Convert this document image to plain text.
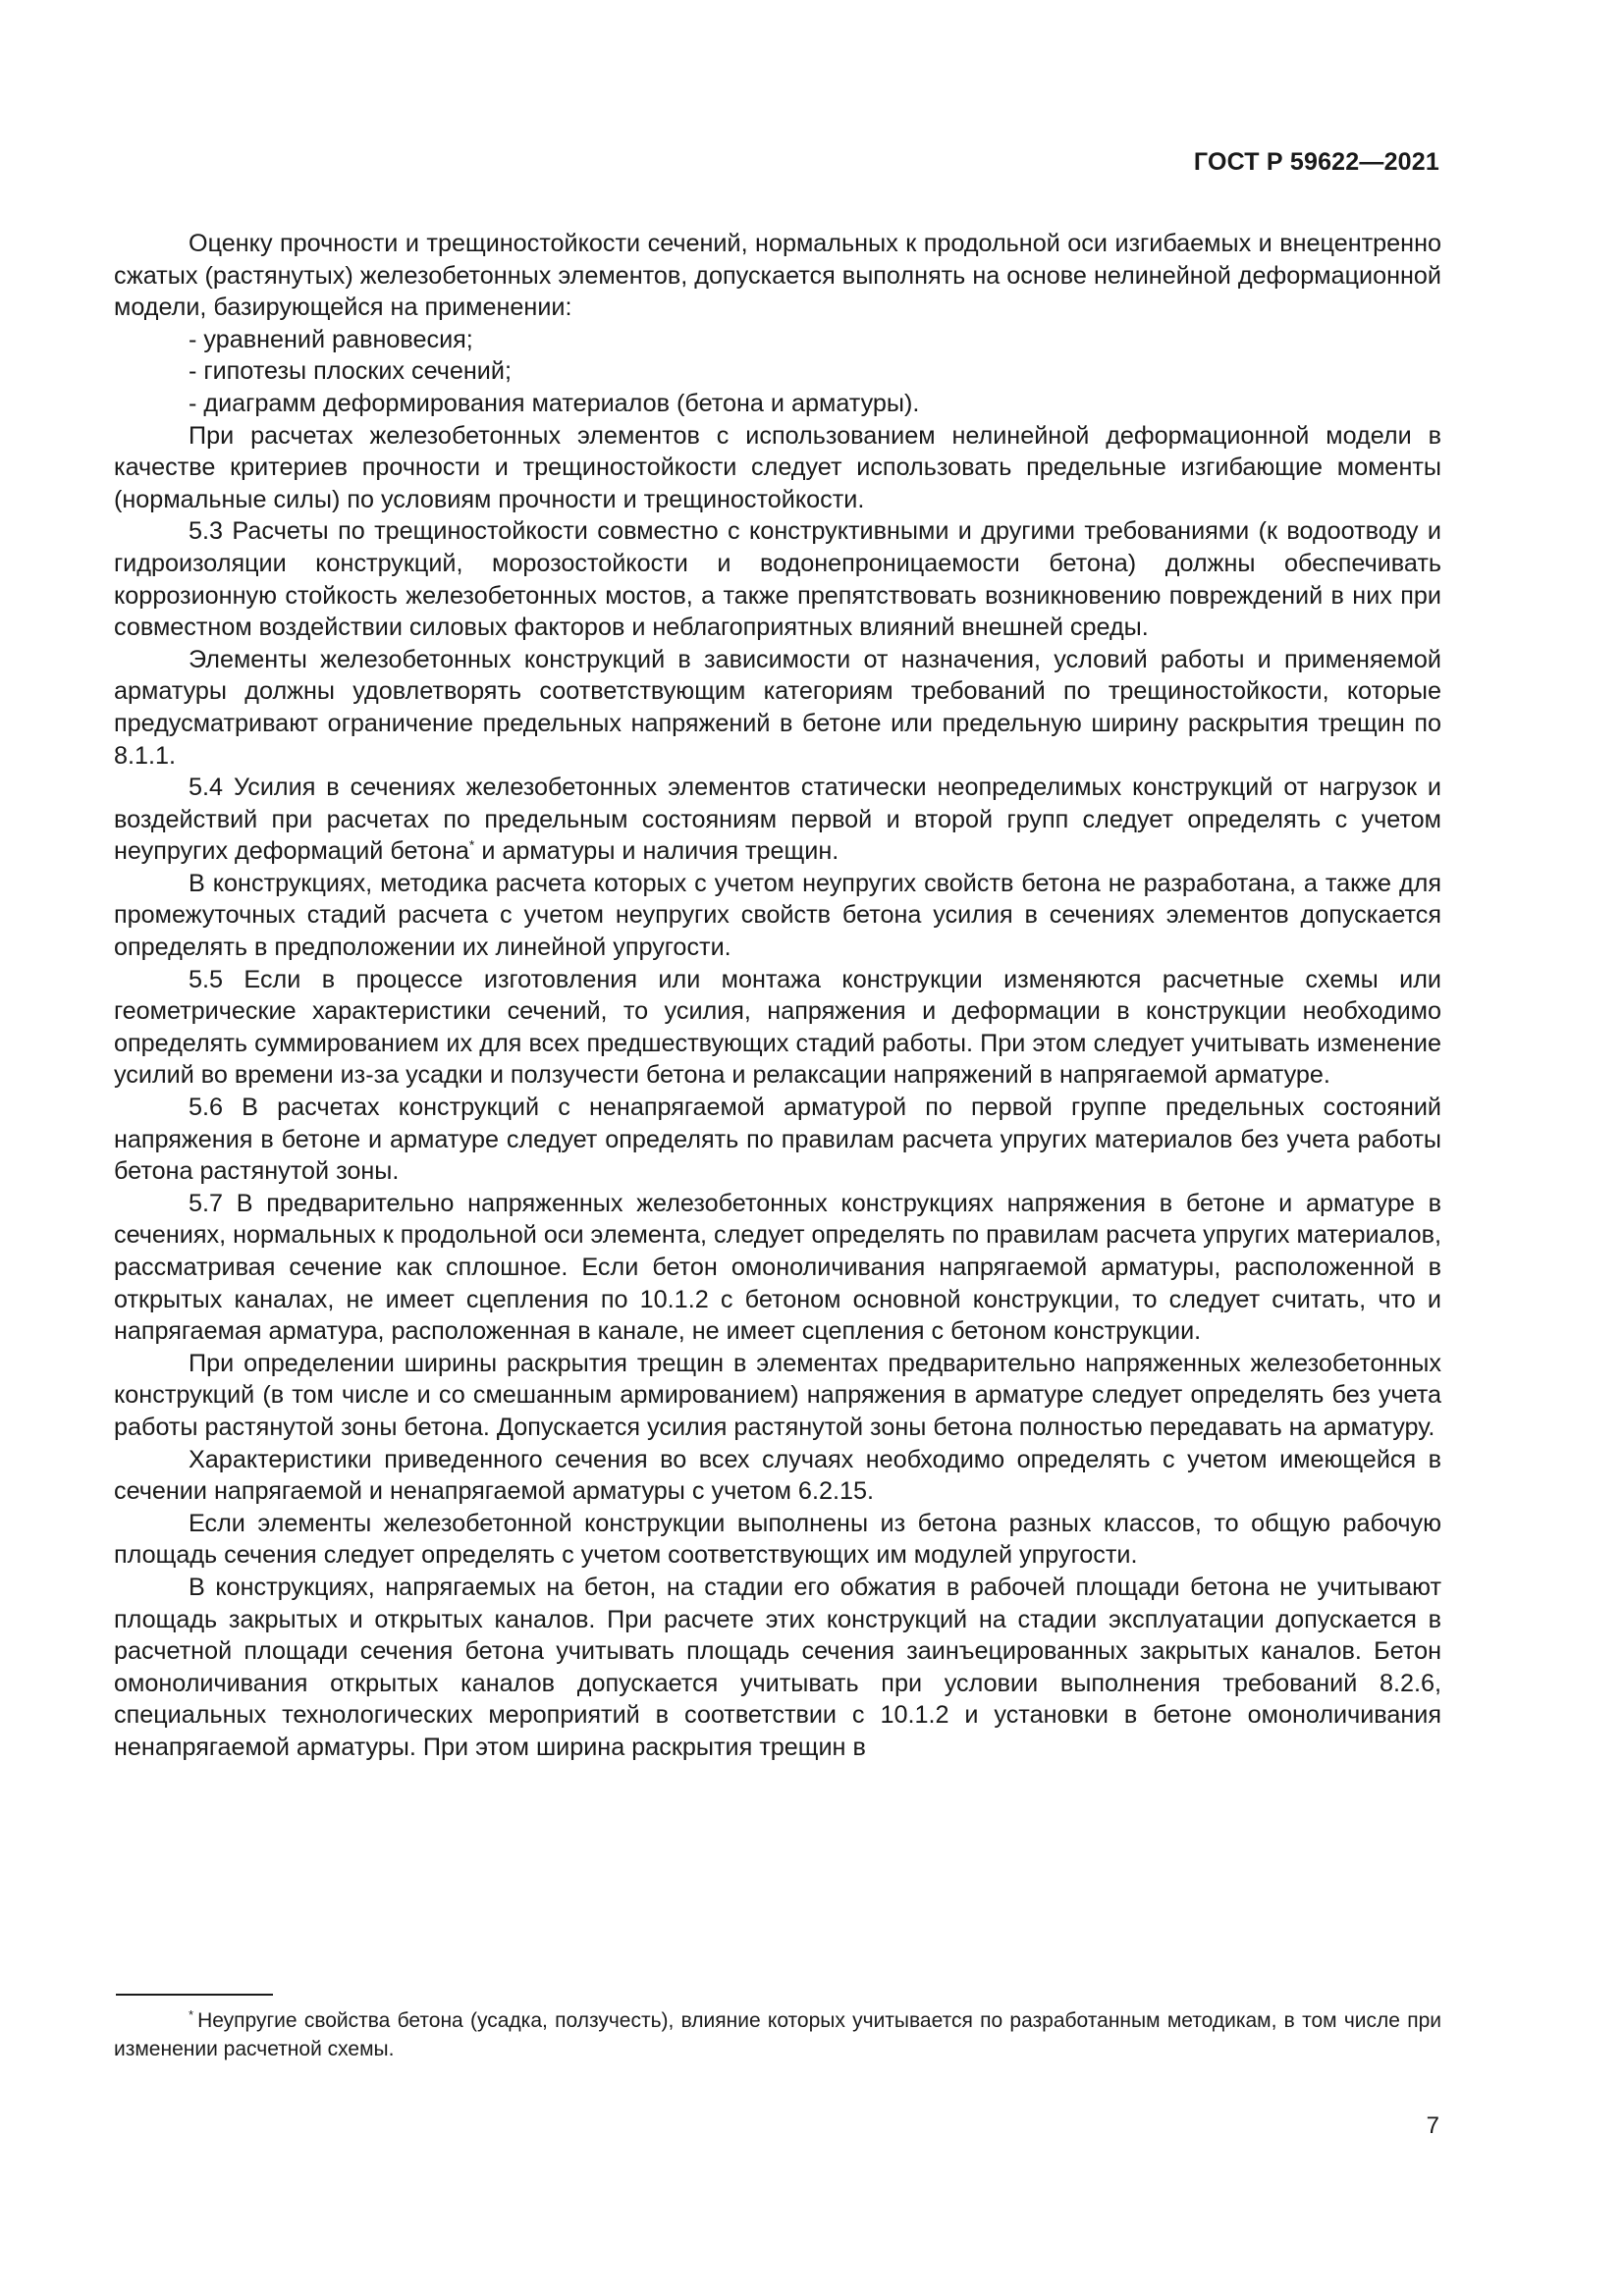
ГОСТ Р 59622—2021

Оценку прочности и трещиностойкости сечений, нормальных к продольной оси изгибаемых и внецентренно сжатых (растянутых) железобетонных элементов, допускается выполнять на основе нелинейной деформационной модели, базирующейся на применении:

- уравнений равновесия;

- гипотезы плоских сечений;

- диаграмм деформирования материалов (бетона и арматуры).

При расчетах железобетонных элементов с использованием нелинейной деформационной модели в качестве критериев прочности и трещиностойкости следует использовать предельные изгибающие моменты (нормальные силы) по условиям прочности и трещиностойкости.

5.3 Расчеты по трещиностойкости совместно с конструктивными и другими требованиями (к водоотводу и гидроизоляции конструкций, морозостойкости и водонепроницаемости бетона) должны обеспечивать коррозионную стойкость железобетонных мостов, а также препятствовать возникновению повреждений в них при совместном воздействии силовых факторов и неблагоприятных влияний внешней среды.

Элементы железобетонных конструкций в зависимости от назначения, условий работы и применяемой арматуры должны удовлетворять соответствующим категориям требований по трещиностойкости, которые предусматривают ограничение предельных напряжений в бетоне или предельную ширину раскрытия трещин по 8.1.1.

5.4 Усилия в сечениях железобетонных элементов статически неопределимых конструкций от нагрузок и воздействий при расчетах по предельным состояниям первой и второй групп следует определять с учетом неупругих деформаций бетона* и арматуры и наличия трещин.

В конструкциях, методика расчета которых с учетом неупругих свойств бетона не разработана, а также для промежуточных стадий расчета с учетом неупругих свойств бетона усилия в сечениях элементов допускается определять в предположении их линейной упругости.

5.5 Если в процессе изготовления или монтажа конструкции изменяются расчетные схемы или геометрические характеристики сечений, то усилия, напряжения и деформации в конструкции необходимо определять суммированием их для всех предшествующих стадий работы. При этом следует учитывать изменение усилий во времени из-за усадки и ползучести бетона и релаксации напряжений в напрягаемой арматуре.

5.6 В расчетах конструкций с ненапрягаемой арматурой по первой группе предельных состояний напряжения в бетоне и арматуре следует определять по правилам расчета упругих материалов без учета работы бетона растянутой зоны.

5.7 В предварительно напряженных железобетонных конструкциях напряжения в бетоне и арматуре в сечениях, нормальных к продольной оси элемента, следует определять по правилам расчета упругих материалов, рассматривая сечение как сплошное. Если бетон омоноличивания напрягаемой арматуры, расположенной в открытых каналах, не имеет сцепления по 10.1.2 с бетоном основной конструкции, то следует считать, что и напрягаемая арматура, расположенная в канале, не имеет сцепления с бетоном конструкции.

При определении ширины раскрытия трещин в элементах предварительно напряженных железобетонных конструкций (в том числе и со смешанным армированием) напряжения в арматуре следует определять без учета работы растянутой зоны бетона. Допускается усилия растянутой зоны бетона полностью передавать на арматуру.

Характеристики приведенного сечения во всех случаях необходимо определять с учетом имеющейся в сечении напрягаемой и ненапрягаемой арматуры с учетом 6.2.15.

Если элементы железобетонной конструкции выполнены из бетона разных классов, то общую рабочую площадь сечения следует определять с учетом соответствующих им модулей упругости.

В конструкциях, напрягаемых на бетон, на стадии его обжатия в рабочей площади бетона не учитывают площадь закрытых и открытых каналов. При расчете этих конструкций на стадии эксплуатации допускается в расчетной площади сечения бетона учитывать площадь сечения заинъецированных закрытых каналов. Бетон омоноличивания открытых каналов допускается учитывать при условии выполнения требований 8.2.6, специальных технологических мероприятий в соответствии с 10.1.2 и установки в бетоне омоноличивания ненапрягаемой арматуры. При этом ширина раскрытия трещин в

* Неупругие свойства бетона (усадка, ползучесть), влияние которых учитывается по разработанным методикам, в том числе при изменении расчетной схемы.

7
